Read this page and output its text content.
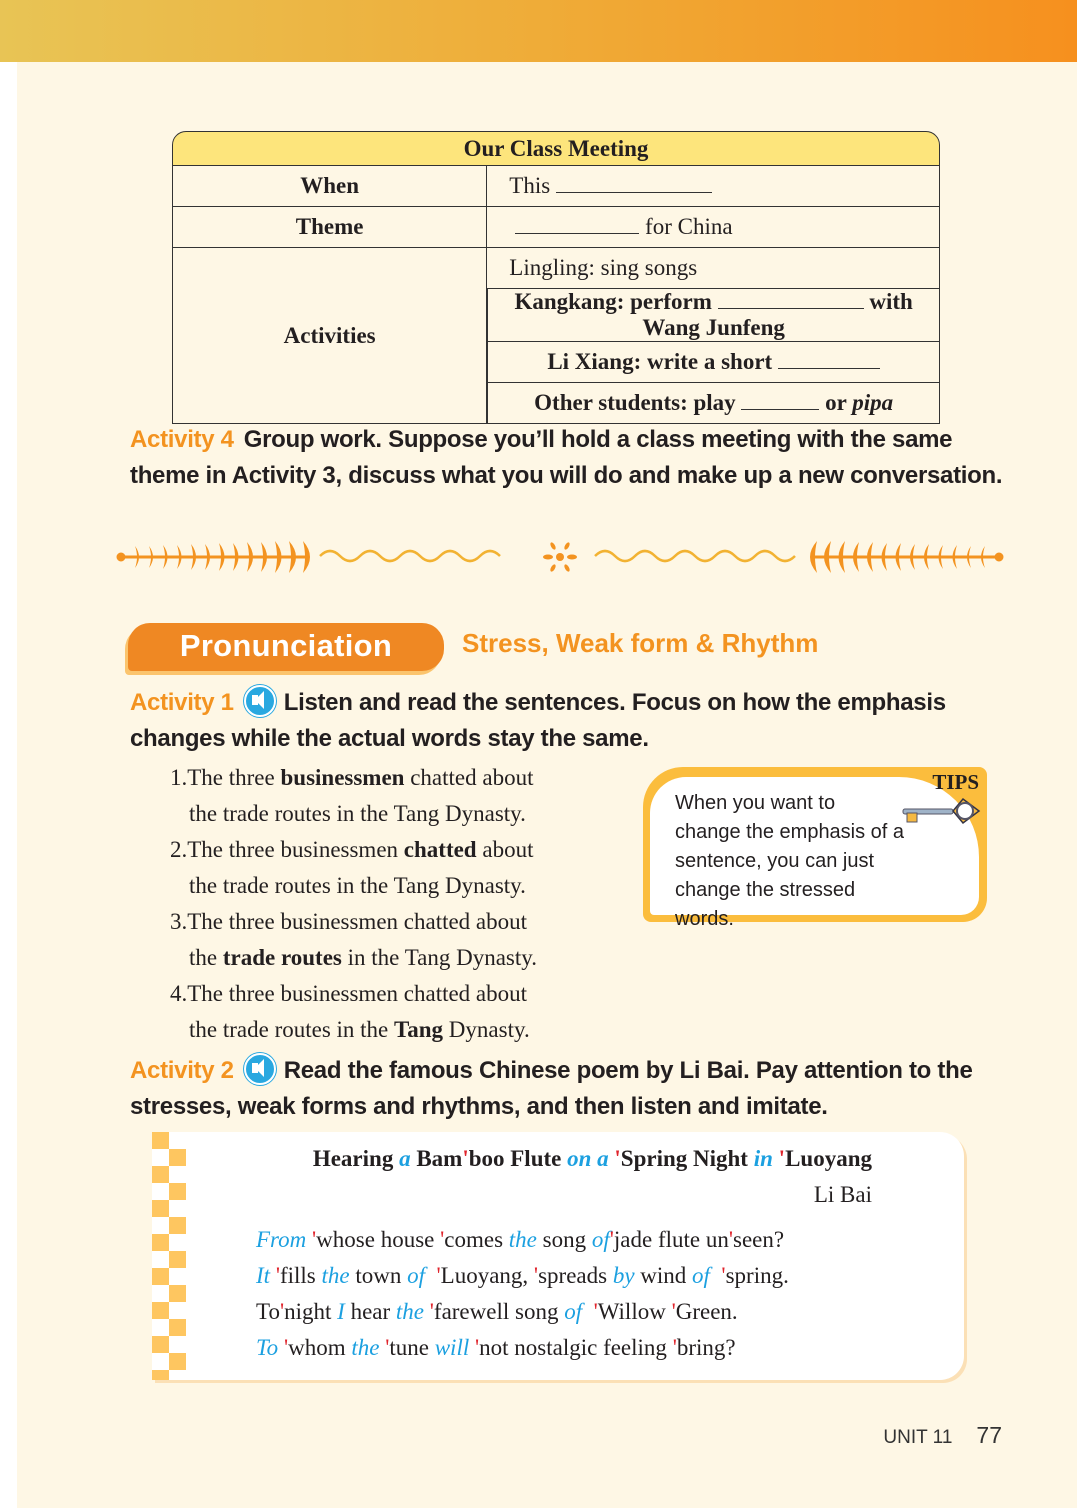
Our Class Meeting	
When	This
Theme	for China
Activities	Lingling: sing songs
	Kangkang: perform with Wang Junfeng
	Li Xiang: write a short
	Other students: play or pipa
Activity 4 Group work. Suppose you’ll hold a class meeting with the same theme in Activity 3, discuss what you will do and make up a new conversation.
Pronunciation	Stress, Weak form & Rhythm
Activity 1 Listen and read the sentences. Focus on how the emphasis changes while the actual words stay the same.
1.The three businessmen chatted about
the trade routes in the Tang Dynasty.
2.The three businessmen chatted about
the trade routes in the Tang Dynasty.
3.The three businessmen chatted about
the trade routes in the Tang Dynasty.
4.The three businessmen chatted about
the trade routes in the Tang Dynasty.
TIPS
When you want to change the emphasis of a sentence, you can just change the stressed words.
Activity 2 Read the famous Chinese poem by Li Bai. Pay attention to the stresses, weak forms and rhythms, and then listen and imitate.
Hearing a Bam'boo Flute on a 'Spring Night in 'Luoyang
Li Bai
From 'whose house 'comes the song of'jade flute un'seen?
It 'fills the town of 'Luoyang, 'spreads by wind of 'spring.
To'night I hear the 'farewell song of 'Willow 'Green.
To 'whom the 'tune will 'not nostalgic feeling 'bring?
UNIT 11 77
